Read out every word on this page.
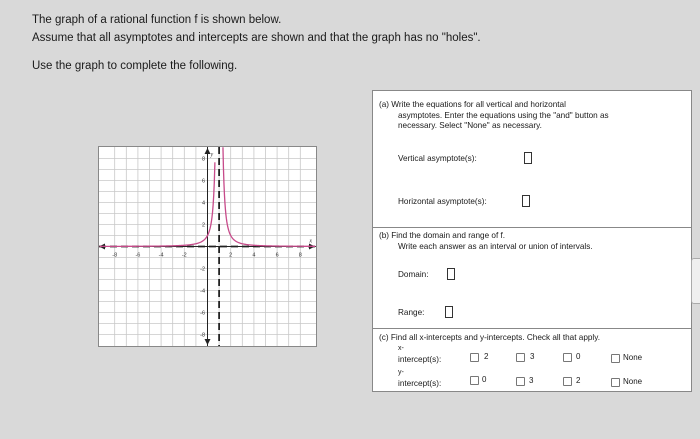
The graph of a rational function f is shown below.
Assume that all asymptotes and intercepts are shown and that the graph has no "holes".
Use the graph to complete the following.
-8	-6	-4	-2	2	4	6	8
8
6
4
2
-2
-4
-6
-8
x
y
(a) Write the equations for all vertical and horizontal
asymptotes. Enter the equations using the "and" button as
necessary. Select "None" as necessary.
Vertical asymptote(s):
Horizontal asymptote(s):
(b) Find the domain and range of f.
Write each answer as an interval or union of intervals.
Domain:
Range:
(c) Find all x-intercepts and y-intercepts. Check all that apply.
x-
intercept(s):	2	3	0	None
y-
intercept(s):	0	3	2	None
